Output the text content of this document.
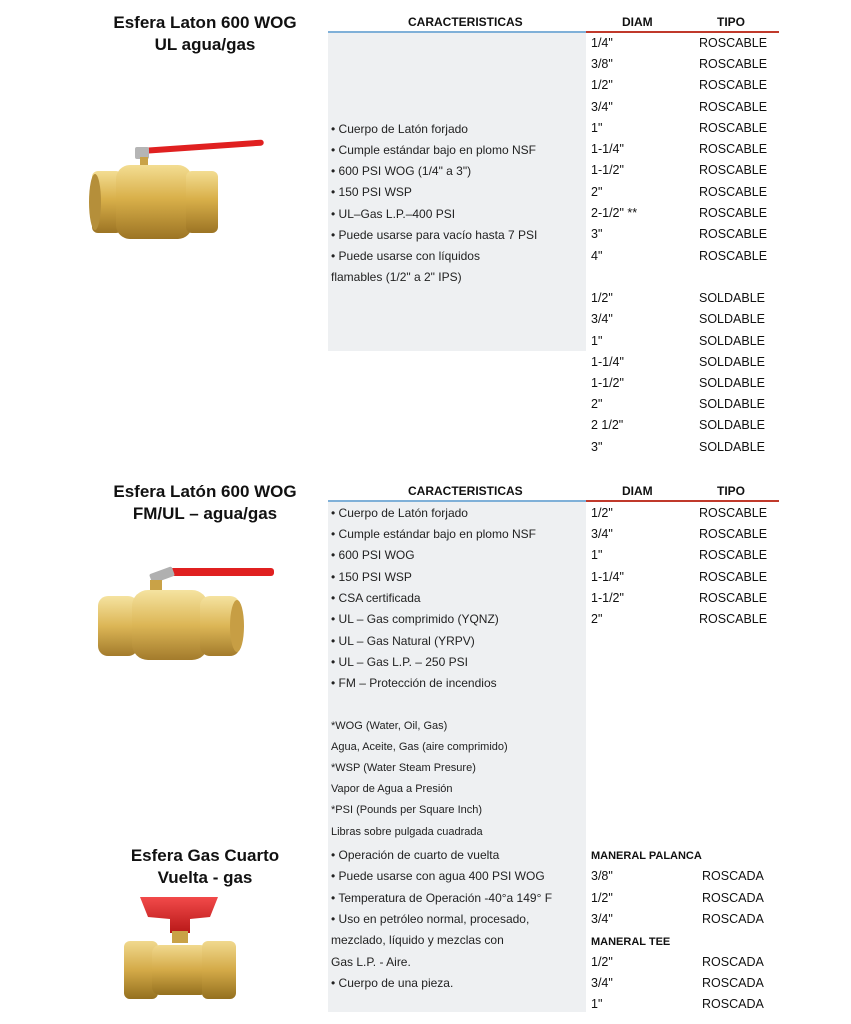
Esfera Laton 600 WOG
UL agua/gas
CARACTERISTICAS	DIAM	TIPO
• Cuerpo de Latón forjado
• Cumple estándar bajo en plomo NSF
• 600 PSI WOG (1/4" a 3")
• 150 PSI WSP
• UL–Gas L.P.–400 PSI
• Puede usarse para vacío hasta 7 PSI
• Puede usarse con líquidos
flamables (1/2" a 2" IPS)
1/4"	ROSCABLE
3/8"	ROSCABLE
1/2"	ROSCABLE
3/4"	ROSCABLE
1"	ROSCABLE
1-1/4"	ROSCABLE
1-1/2"	ROSCABLE
2"	ROSCABLE
2-1/2" **	ROSCABLE
3"	ROSCABLE
4"	ROSCABLE
1/2"	SOLDABLE
3/4"	SOLDABLE
1"	SOLDABLE
1-1/4"	SOLDABLE
1-1/2"	SOLDABLE
2"	SOLDABLE
2 1/2"	SOLDABLE
3"	SOLDABLE
Esfera Latón 600 WOG
FM/UL – agua/gas
CARACTERISTICAS	DIAM	TIPO
• Cuerpo de Latón forjado
• Cumple estándar bajo en plomo NSF
• 600 PSI WOG
• 150 PSI WSP
• CSA certificada
• UL – Gas comprimido (YQNZ)
• UL – Gas Natural (YRPV)
• UL – Gas L.P. – 250 PSI
• FM – Protección de incendios
*WOG (Water, Oil, Gas)
Agua, Aceite, Gas (aire comprimido)
*WSP (Water Steam Presure)
Vapor de Agua a Presión
*PSI (Pounds per Square Inch)
Libras sobre pulgada cuadrada
1/2"	ROSCABLE
3/4"	ROSCABLE
1"	ROSCABLE
1-1/4"	ROSCABLE
1-1/2"	ROSCABLE
2"	ROSCABLE
Esfera Gas Cuarto
Vuelta - gas
• Operación de cuarto de vuelta
• Puede usarse con agua 400 PSI WOG
• Temperatura de Operación -40°a 149° F
• Uso en petróleo normal, procesado,
mezclado, líquido y mezclas con
Gas L.P. - Aire.
• Cuerpo de una pieza.
MANERAL PALANCA
3/8"	ROSCADA
1/2"	ROSCADA
3/4"	ROSCADA
MANERAL TEE
1/2"	ROSCADA
3/4"	ROSCADA
1"	ROSCADA
